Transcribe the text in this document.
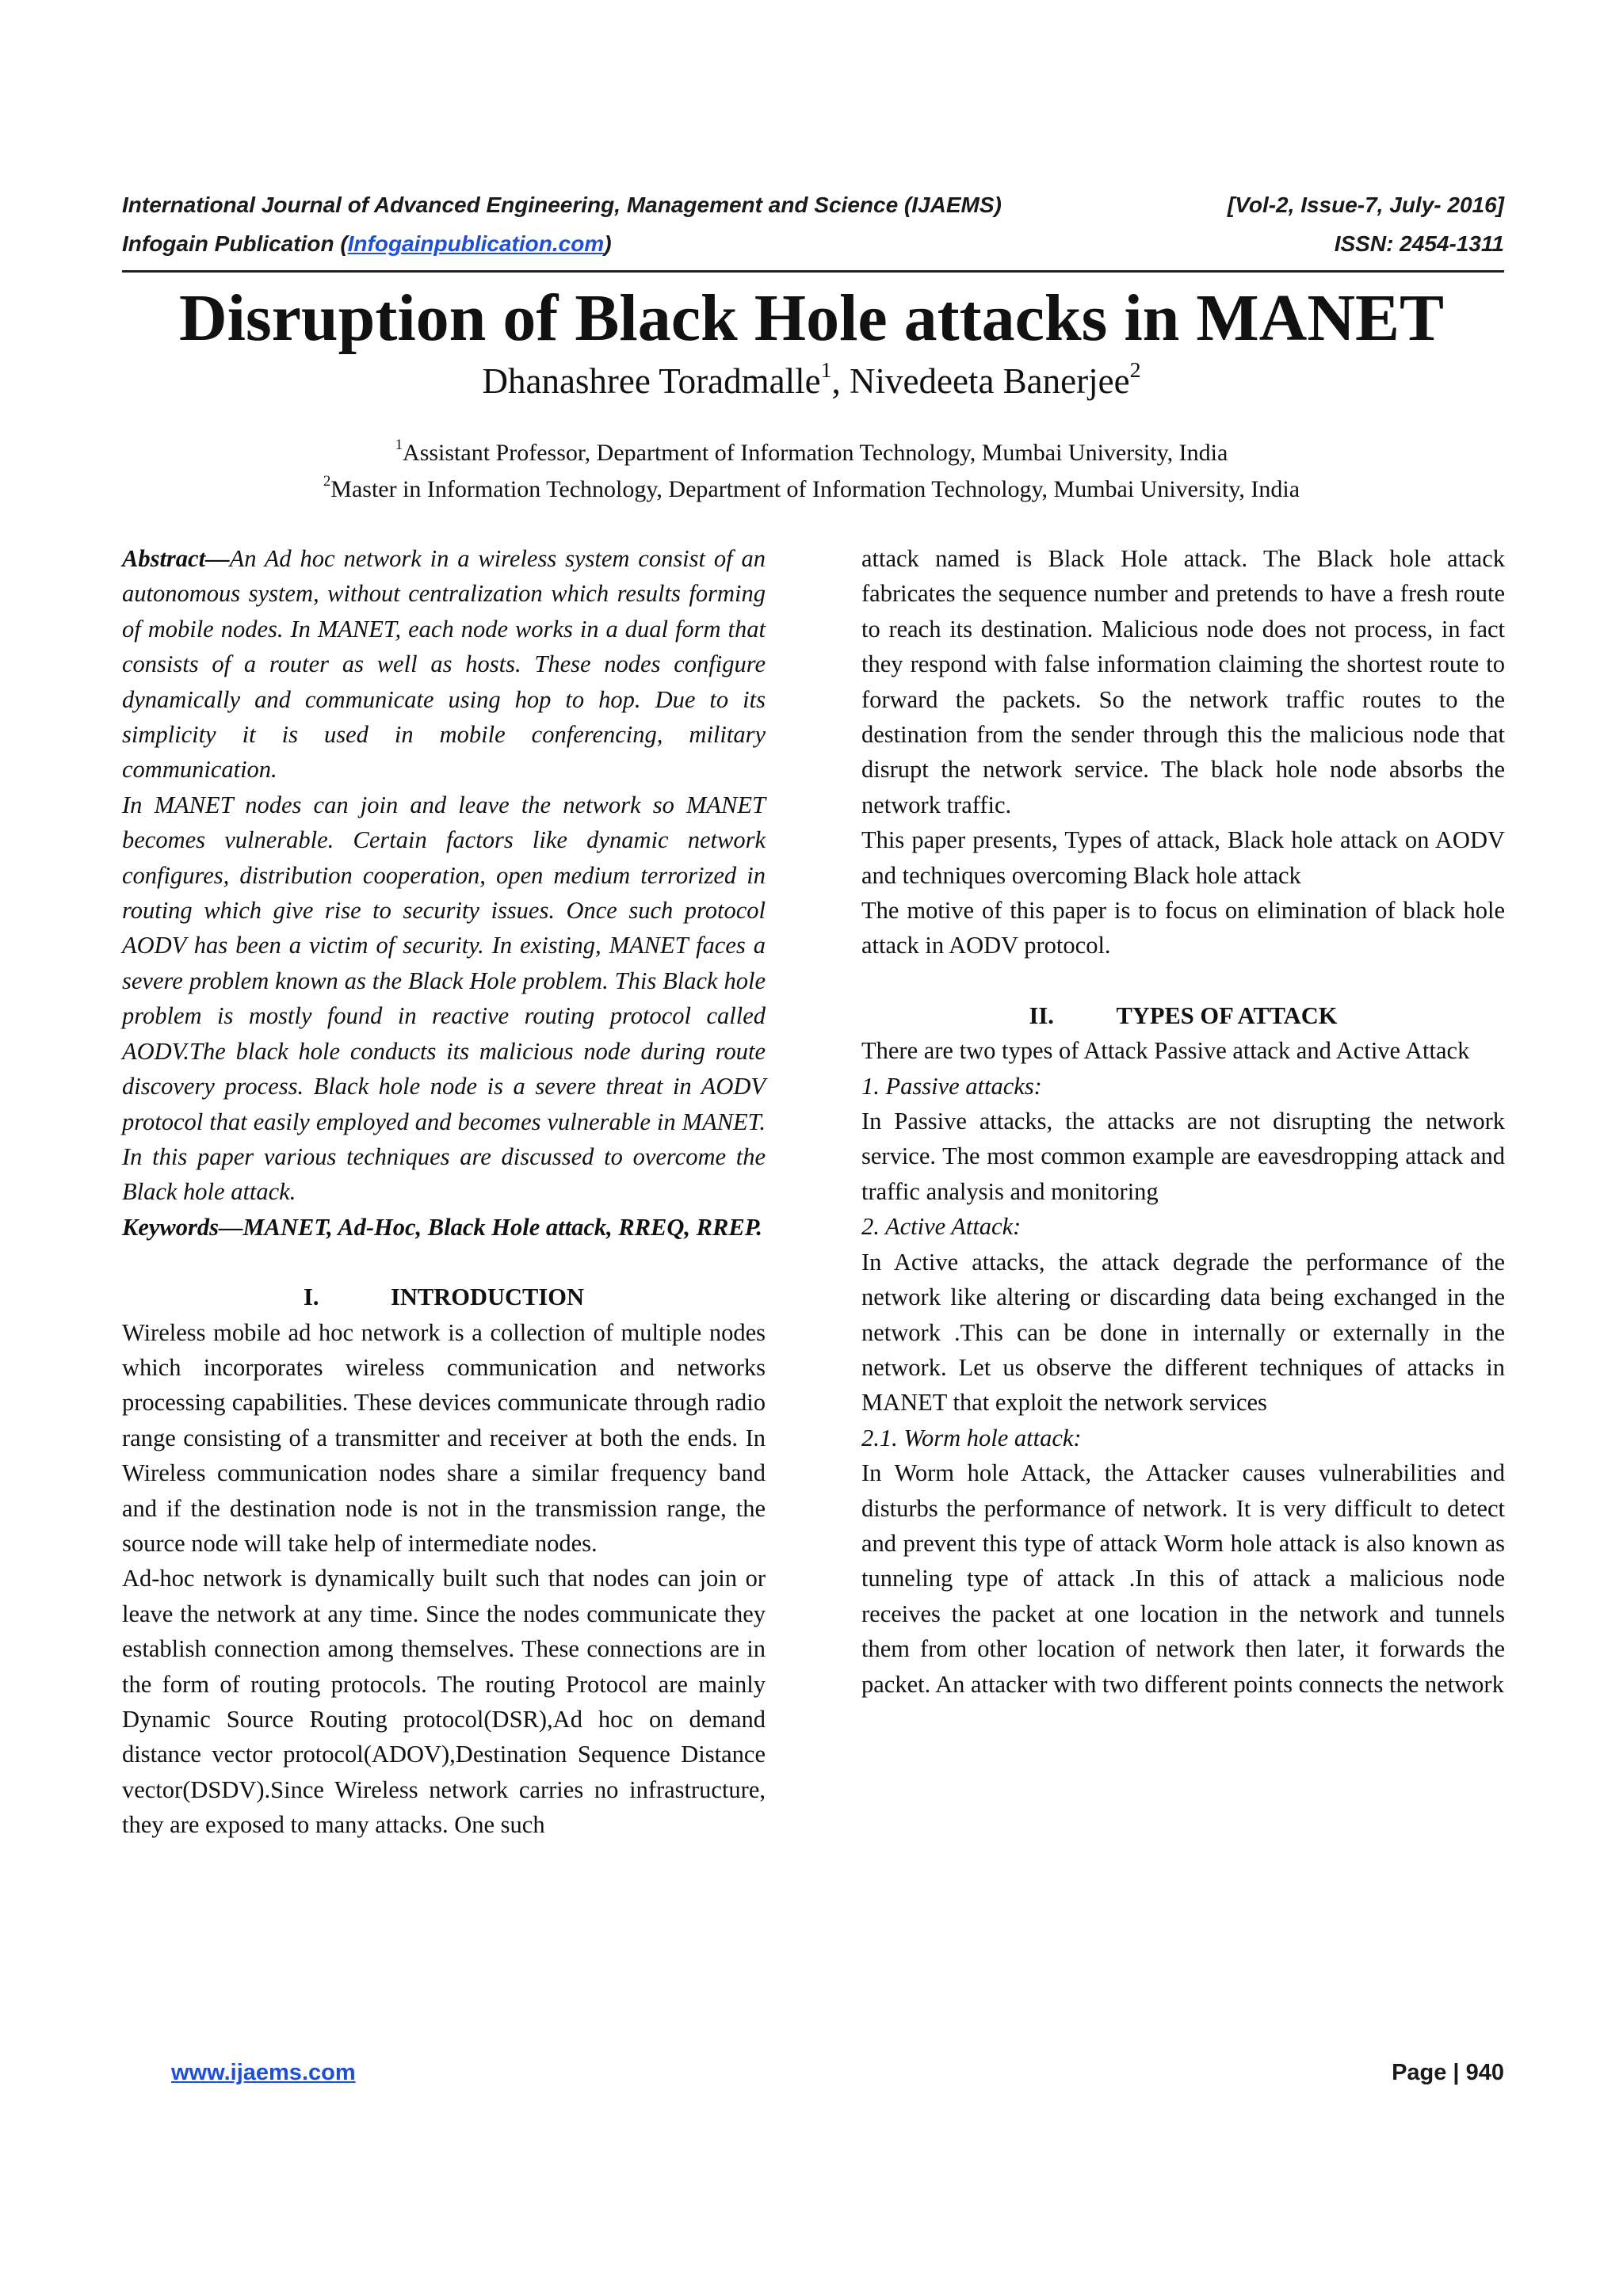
International Journal of Advanced Engineering, Management and Science (IJAEMS)	[Vol-2, Issue-7, July- 2016]
Infogain Publication (Infogainpublication.com)	ISSN: 2454-1311
Disruption of Black Hole attacks in MANET
Dhanashree Toradmalle$^1$, Nivedeeta Banerjee$^2$
$^1$Assistant Professor, Department of Information Technology, Mumbai University, India
$^2$Master in Information Technology, Department of Information Technology, Mumbai University, India

Abstract—An Ad hoc network in a wireless system consist of an autonomous system, without centralization which results forming of mobile nodes. In MANET, each node works in a dual form that consists of a router as well as hosts. These nodes configure dynamically and communicate using hop to hop. Due to its simplicity it is used in mobile conferencing, military communication.

In MANET nodes can join and leave the network so MANET becomes vulnerable. Certain factors like dynamic network configures, distribution cooperation, open medium terrorized in routing which give rise to security issues. Once such protocol AODV has been a victim of security. In existing, MANET faces a severe problem known as the Black Hole problem. This Black hole problem is mostly found in reactive routing protocol called AODV.The black hole conducts its malicious node during route discovery process. Black hole node is a severe threat in AODV protocol that easily employed and becomes vulnerable in MANET. In this paper various techniques are discussed to overcome the Black hole attack.

Keywords—MANET, Ad-Hoc, Black Hole attack, RREQ, RREP.

I.	INTRODUCTION

Wireless mobile ad hoc network is a collection of multiple nodes which incorporates wireless communication and networks processing capabilities. These devices communicate through radio range consisting of a transmitter and receiver at both the ends. In Wireless communication nodes share a similar frequency band and if the destination node is not in the transmission range, the source node will take help of intermediate nodes.

Ad-hoc network is dynamically built such that nodes can join or leave the network at any time. Since the nodes communicate they establish connection among themselves. These connections are in the form of routing protocols. The routing Protocol are mainly Dynamic Source Routing protocol(DSR),Ad hoc on demand distance vector protocol(ADOV),Destination Sequence Distance vector(DSDV).Since Wireless network carries no infrastructure, they are exposed to many attacks. One such

attack named is Black Hole attack. The Black hole attack fabricates the sequence number and pretends to have a fresh route to reach its destination. Malicious node does not process, in fact they respond with false information claiming the shortest route to forward the packets. So the network traffic routes to the destination from the sender through this the malicious node that disrupt the network service. The black hole node absorbs the network traffic.

This paper presents, Types of attack, Black hole attack on AODV and techniques overcoming Black hole attack

The motive of this paper is to focus on elimination of black hole attack in AODV protocol.

II.	TYPES OF ATTACK

There are two types of Attack Passive attack and Active Attack

1. Passive attacks:

In Passive attacks, the attacks are not disrupting the network service. The most common example are eavesdropping attack and traffic analysis and monitoring

2. Active Attack:

In Active attacks, the attack degrade the performance of the network like altering or discarding data being exchanged in the network .This can be done in internally or externally in the network. Let us observe the different techniques of attacks in MANET that exploit the network services

2.1. Worm hole attack:

In Worm hole Attack, the Attacker causes vulnerabilities and disturbs the performance of network. It is very difficult to detect and prevent this type of attack Worm hole attack is also known as tunneling type of attack .In this of attack a malicious node receives the packet at one location in the network and tunnels them from other location of network then later, it forwards the packet. An attacker with two different points connects the network

www.ijaems.com	Page | 940
